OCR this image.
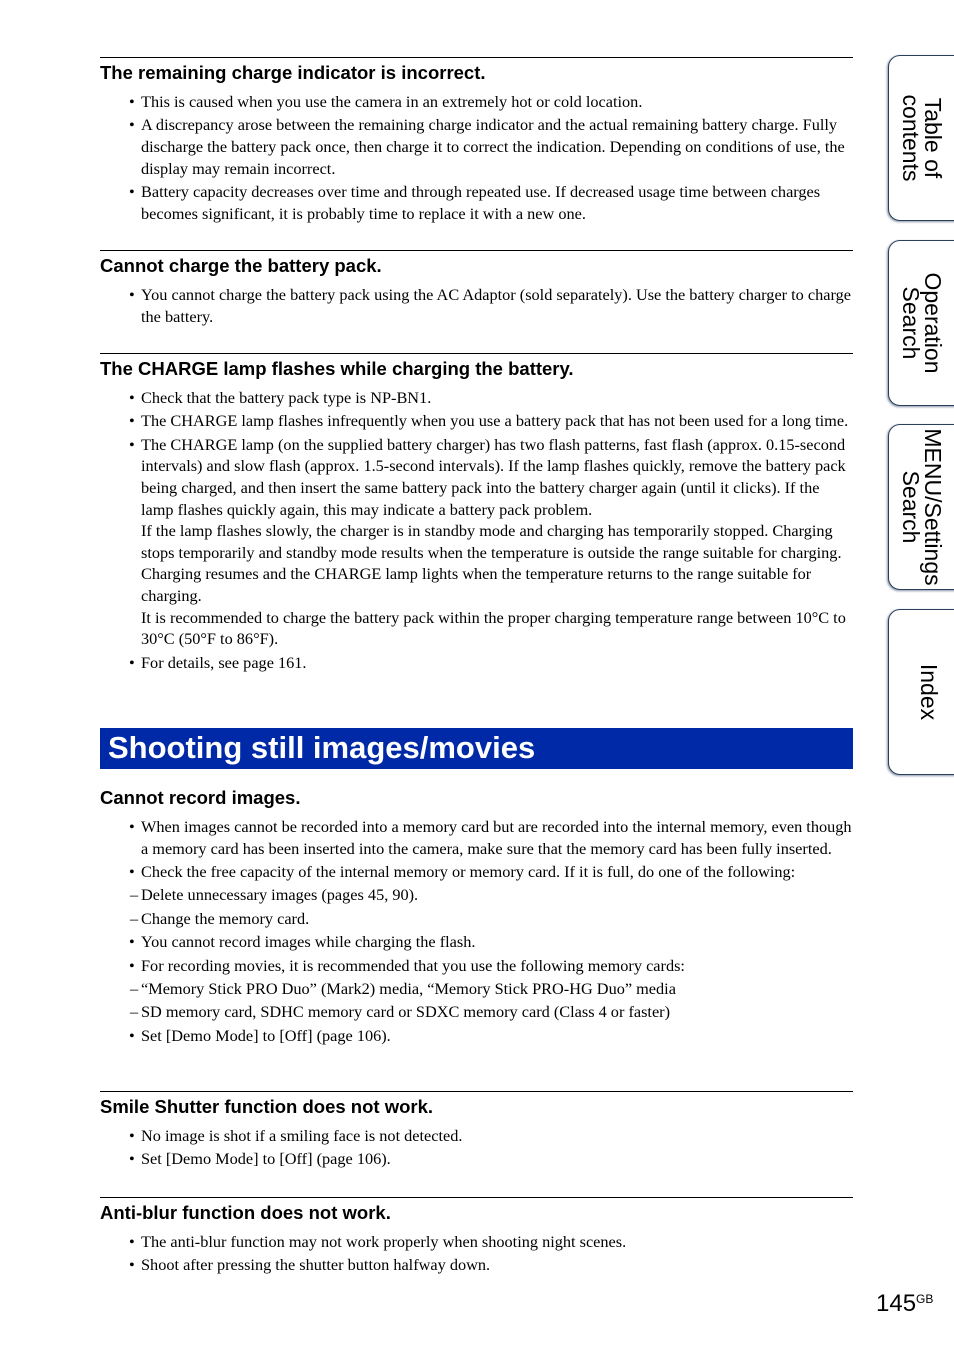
The remaining charge indicator is incorrect.

• This is caused when you use the camera in an extremely hot or cold location.

• A discrepancy arose between the remaining charge indicator and the actual remaining battery charge. Fully discharge the battery pack once, then charge it to correct the indication. Depending on conditions of use, the display may remain incorrect.

• Battery capacity decreases over time and through repeated use. If decreased usage time between charges becomes significant, it is probably time to replace it with a new one.

Cannot charge the battery pack.

• You cannot charge the battery pack using the AC Adaptor (sold separately). Use the battery charger to charge the battery.

The CHARGE lamp flashes while charging the battery.

• Check that the battery pack type is NP-BN1.

• The CHARGE lamp flashes infrequently when you use a battery pack that has not been used for a long time.

• The CHARGE lamp (on the supplied battery charger) has two flash patterns, fast flash (approx. 0.15-second intervals) and slow flash (approx. 1.5-second intervals). If the lamp flashes quickly, remove the battery pack being charged, and then insert the same battery pack into the battery charger again (until it clicks). If the lamp flashes quickly again, this may indicate a battery pack problem.

If the lamp flashes slowly, the charger is in standby mode and charging has temporarily stopped. Charging stops temporarily and standby mode results when the temperature is outside the range suitable for charging. Charging resumes and the CHARGE lamp lights when the temperature returns to the range suitable for charging.

It is recommended to charge the battery pack within the proper charging temperature range between 10°C to 30°C (50°F to 86°F).

• For details, see page 161.

Shooting still images/movies
Cannot record images.

• When images cannot be recorded into a memory card but are recorded into the internal memory, even though a memory card has been inserted into the camera, make sure that the memory card has been fully inserted.

• Check the free capacity of the internal memory or memory card. If it is full, do one of the following:

– Delete unnecessary images (pages 45, 90).

– Change the memory card.

• You cannot record images while charging the flash.

• For recording movies, it is recommended that you use the following memory cards:

– “Memory Stick PRO Duo” (Mark2) media, “Memory Stick PRO-HG Duo” media

– SD memory card, SDHC memory card or SDXC memory card (Class 4 or faster)

• Set [Demo Mode] to [Off] (page 106).

Smile Shutter function does not work.

• No image is shot if a smiling face is not detected.

• Set [Demo Mode] to [Off] (page 106).

Anti-blur function does not work.

• The anti-blur function may not work properly when shooting night scenes.

• Shoot after pressing the shutter button halfway down.

Table of
contents
Operation
Search
MENU/Settings
Search
Index
$145^{GB}$
